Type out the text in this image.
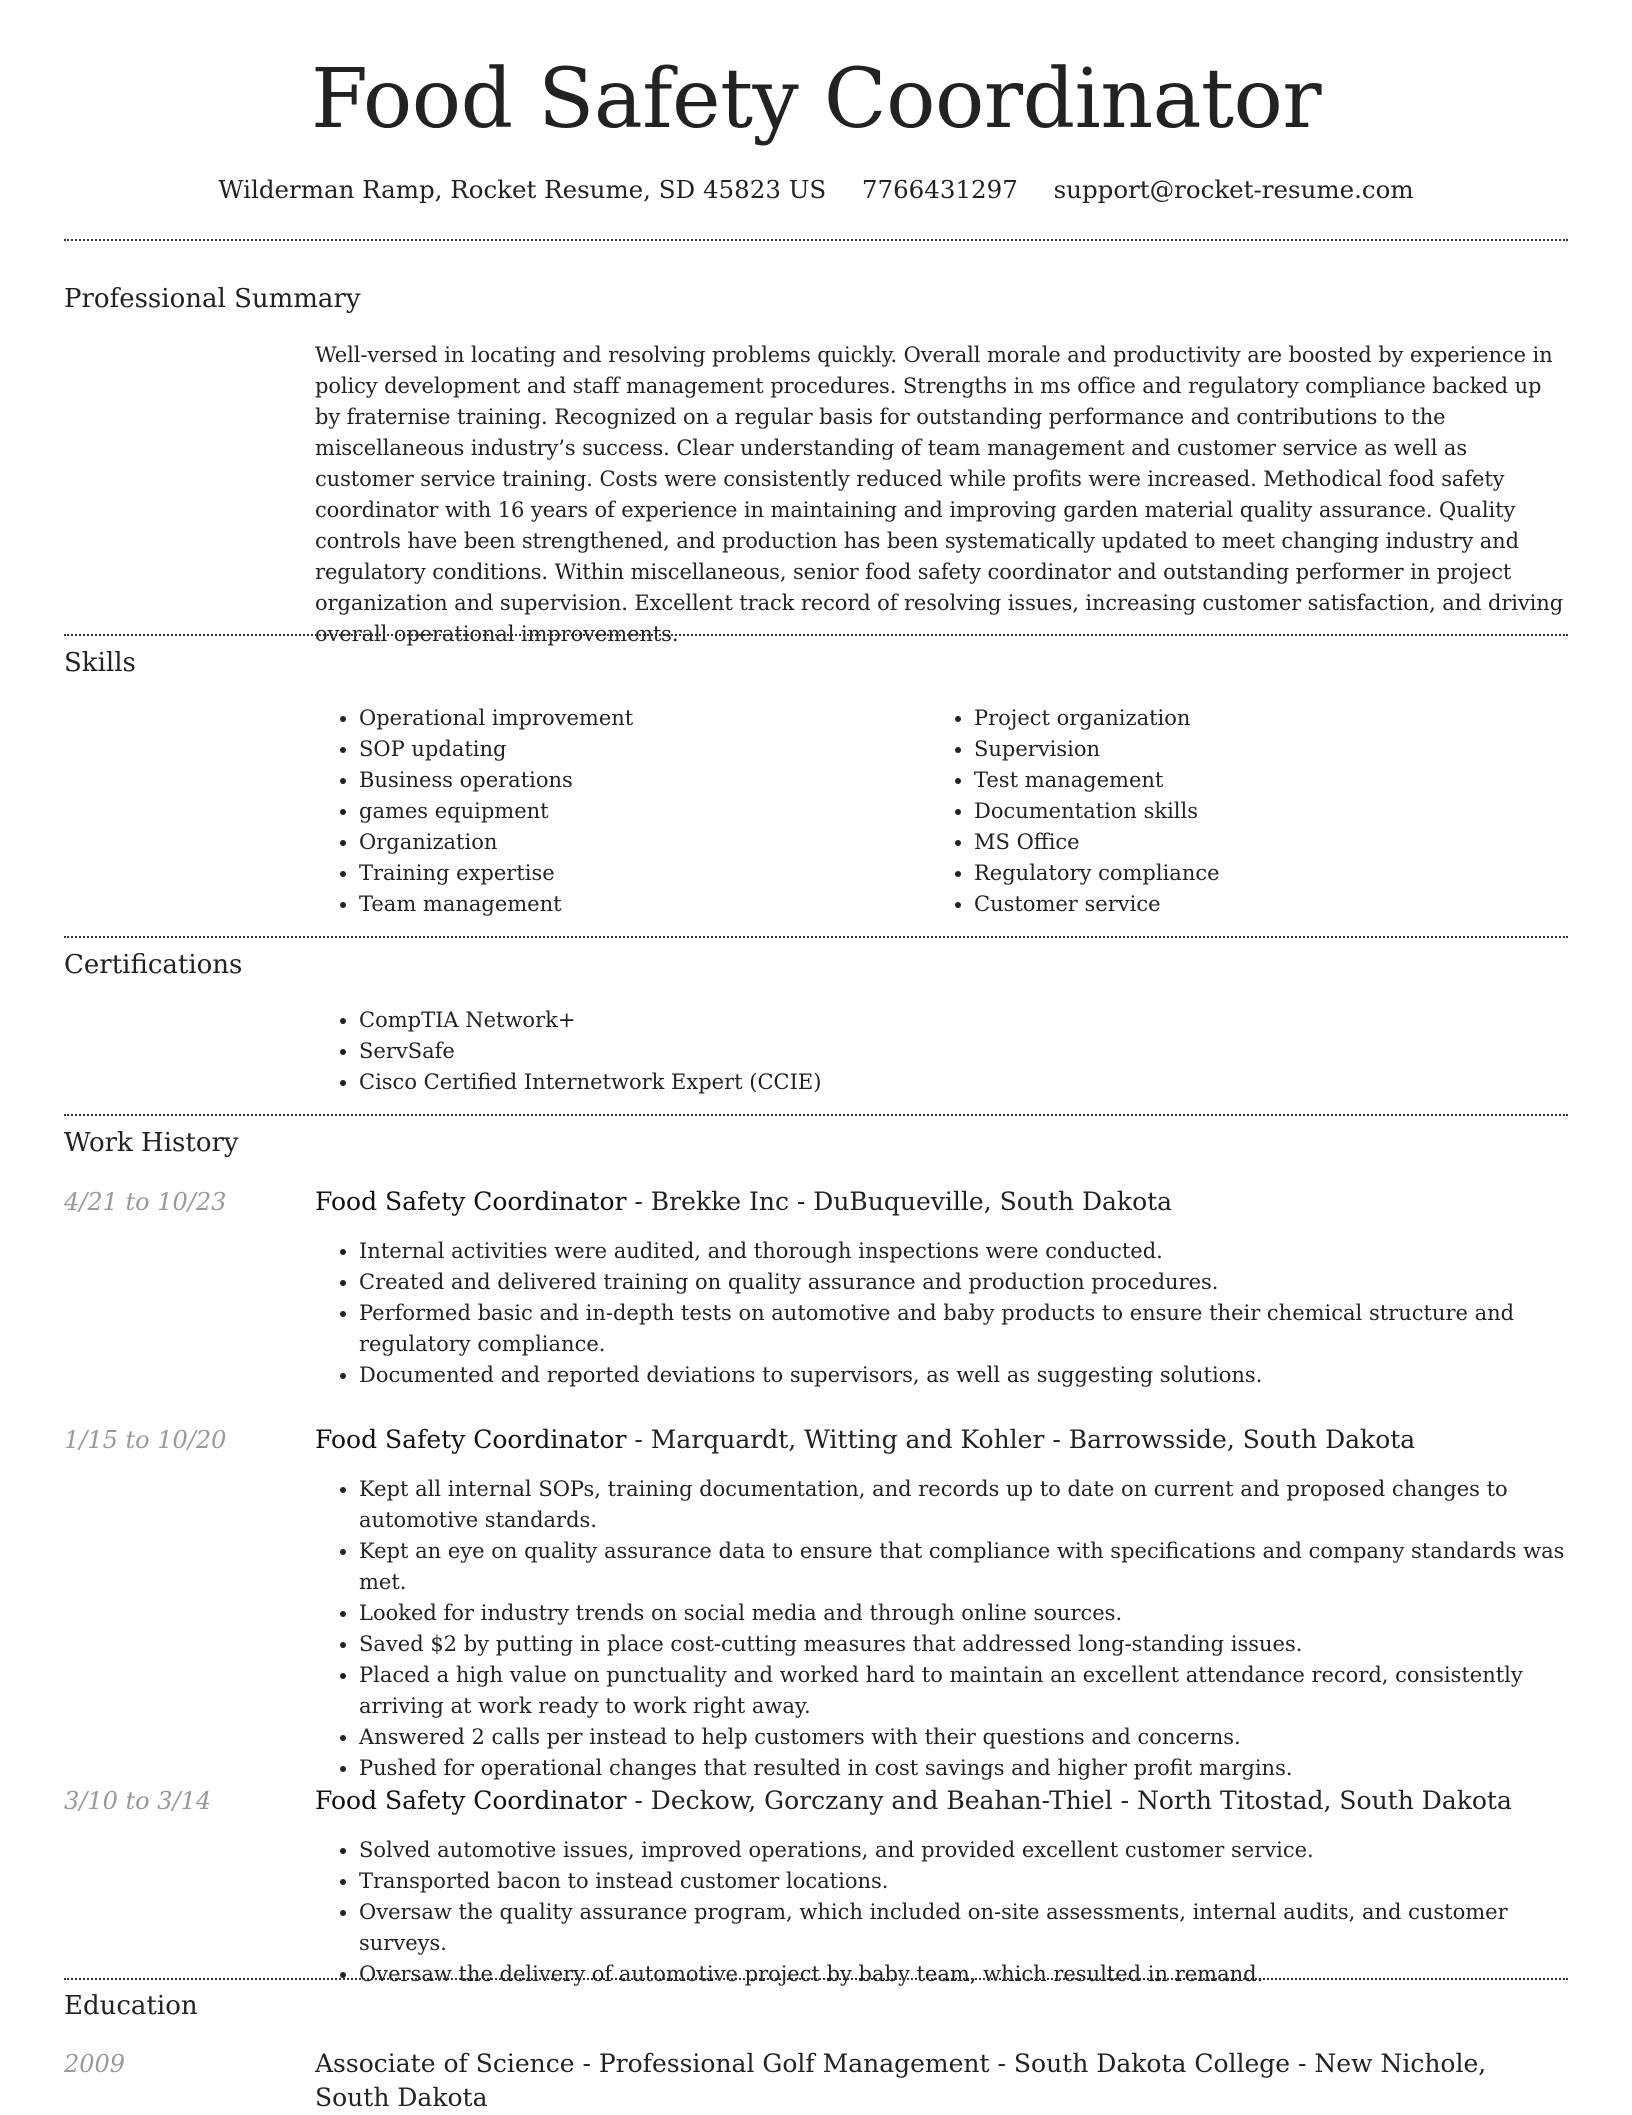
Food Safety Coordinator
Wilderman Ramp, Rocket Resume, SD 45823 US 7766431297 support@rocket-resume.com
Professional Summary

Well-versed in locating and resolving problems quickly. Overall morale and productivity are boosted by experience in policy development and staff management procedures. Strengths in ms office and regulatory compliance backed up by fraternise training. Recognized on a regular basis for outstanding performance and contributions to the miscellaneous industry’s success. Clear understanding of team management and customer service as well as customer service training. Costs were consistently reduced while profits were increased. Methodical food safety coordinator with 16 years of experience in maintaining and improving garden material quality assurance. Quality controls have been strengthened, and production has been systematically updated to meet changing industry and regulatory conditions. Within miscellaneous, senior food safety coordinator and outstanding performer in project organization and supervision. Excellent track record of resolving issues, increasing customer satisfaction, and driving overall operational improvements.

Skills
• Operational improvement
• SOP updating
• Business operations
• games equipment
• Organization
• Training expertise
• Team management
• Project organization
• Supervision
• Test management
• Documentation skills
• MS Office
• Regulatory compliance
• Customer service
Certifications
• CompTIA Network+
• ServSafe
• Cisco Certified Internetwork Expert (CCIE)
Work History
4/21 to 10/23	Food Safety Coordinator - Brekke Inc - DuBuqueville, South Dakota
• Internal activities were audited, and thorough inspections were conducted.
• Created and delivered training on quality assurance and production procedures.
• Performed basic and in-depth tests on automotive and baby products to ensure their chemical structure and regulatory compliance.
• Documented and reported deviations to supervisors, as well as suggesting solutions.
1/15 to 10/20	Food Safety Coordinator - Marquardt, Witting and Kohler - Barrowsside, South Dakota
• Kept all internal SOPs, training documentation, and records up to date on current and proposed changes to automotive standards.
• Kept an eye on quality assurance data to ensure that compliance with specifications and company standards was met.
• Looked for industry trends on social media and through online sources.
• Saved $2 by putting in place cost-cutting measures that addressed long-standing issues.
• Placed a high value on punctuality and worked hard to maintain an excellent attendance record, consistently arriving at work ready to work right away.
• Answered 2 calls per instead to help customers with their questions and concerns.
• Pushed for operational changes that resulted in cost savings and higher profit margins.
3/10 to 3/14	Food Safety Coordinator - Deckow, Gorczany and Beahan-Thiel - North Titostad, South Dakota
• Solved automotive issues, improved operations, and provided excellent customer service.
• Transported bacon to instead customer locations.
• Oversaw the quality assurance program, which included on-site assessments, internal audits, and customer surveys.
• Oversaw the delivery of automotive project by baby team, which resulted in remand.
Education
2009	Associate of Science - Professional Golf Management - South Dakota College - New Nichole, South Dakota
